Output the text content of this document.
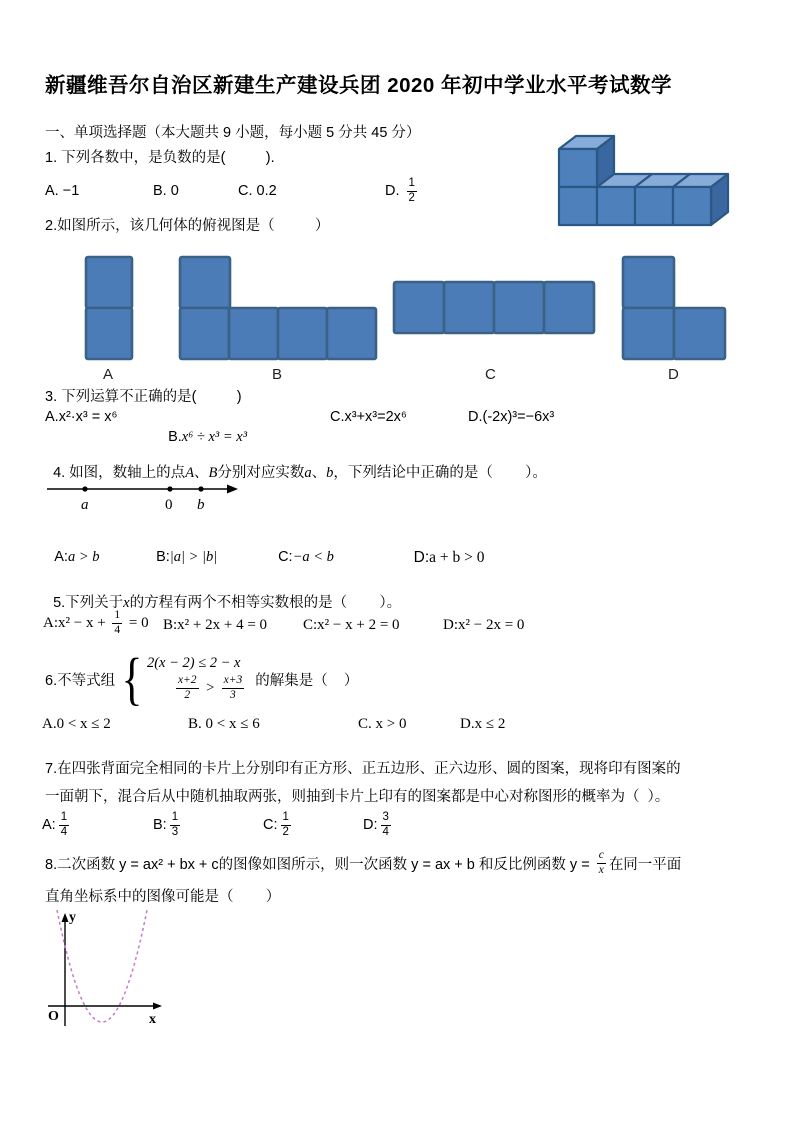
新疆维吾尔自治区新建生产建设兵团 2020 年初中学业水平考试数学
一、单项选择题（本大题共 9 小题，每小题 5 分共 45 分）
1. 下列各数中，是负数的是(          ).
A. −1	B. 0	C. 0.2	D. $\frac{1}{2}$
2.如图所示，该几何体的俯视图是（          ）
A	B	C	D
3. 下列运算不正确的是(          )
A.x²·x³ = x⁶

B.x⁶ ÷ x³ = x³

C.x³+x³=2x⁶	D.(-2x)³=−6x³

4. 如图，数轴上的点A、B分别对应实数a、b，下列结论中正确的是（        ）。

a	0 b

A:a > b	B:|a| > |b|	C:−a < b	D:a + b > 0

5.下列关于x的方程有两个不相等实数根的是（        ）。

A:x² − $x + \frac{1}{4} = 0$ B:x² + 2x + 4 = 0 C:x² − x + 2 = 0	D:x² − 2x = 0
6.不等式组 { 2(x − 2) ≤ 2 − x
$\frac{x+2}{2} > \frac{x+3}{3}$ 的解集是（    ）
A.0 < x ≤ 2	B. 0 < x ≤ 6	C. x > 0	D.x ≤ 2
7.在四张背面完全相同的卡片上分别印有正方形、正五边形、正六边形、圆的图案，现将印有图案的
一面朝下，混合后从中随机抽取两张，则抽到卡片上印有的图案都是中心对称图形的概率为（  ）。
A: $\frac{1}{4}$	B: $\frac{1}{3}$	C: $\frac{1}{2}$	D: $\frac{3}{4}$
8.二次函数 y = ax² + bx + c的图像如图所示，则一次函数 y = ax + b 和反比例函数 $y = \frac{c}{x}$ 在同一平面
直角坐标系中的图像可能是（        ）
O	x
y
